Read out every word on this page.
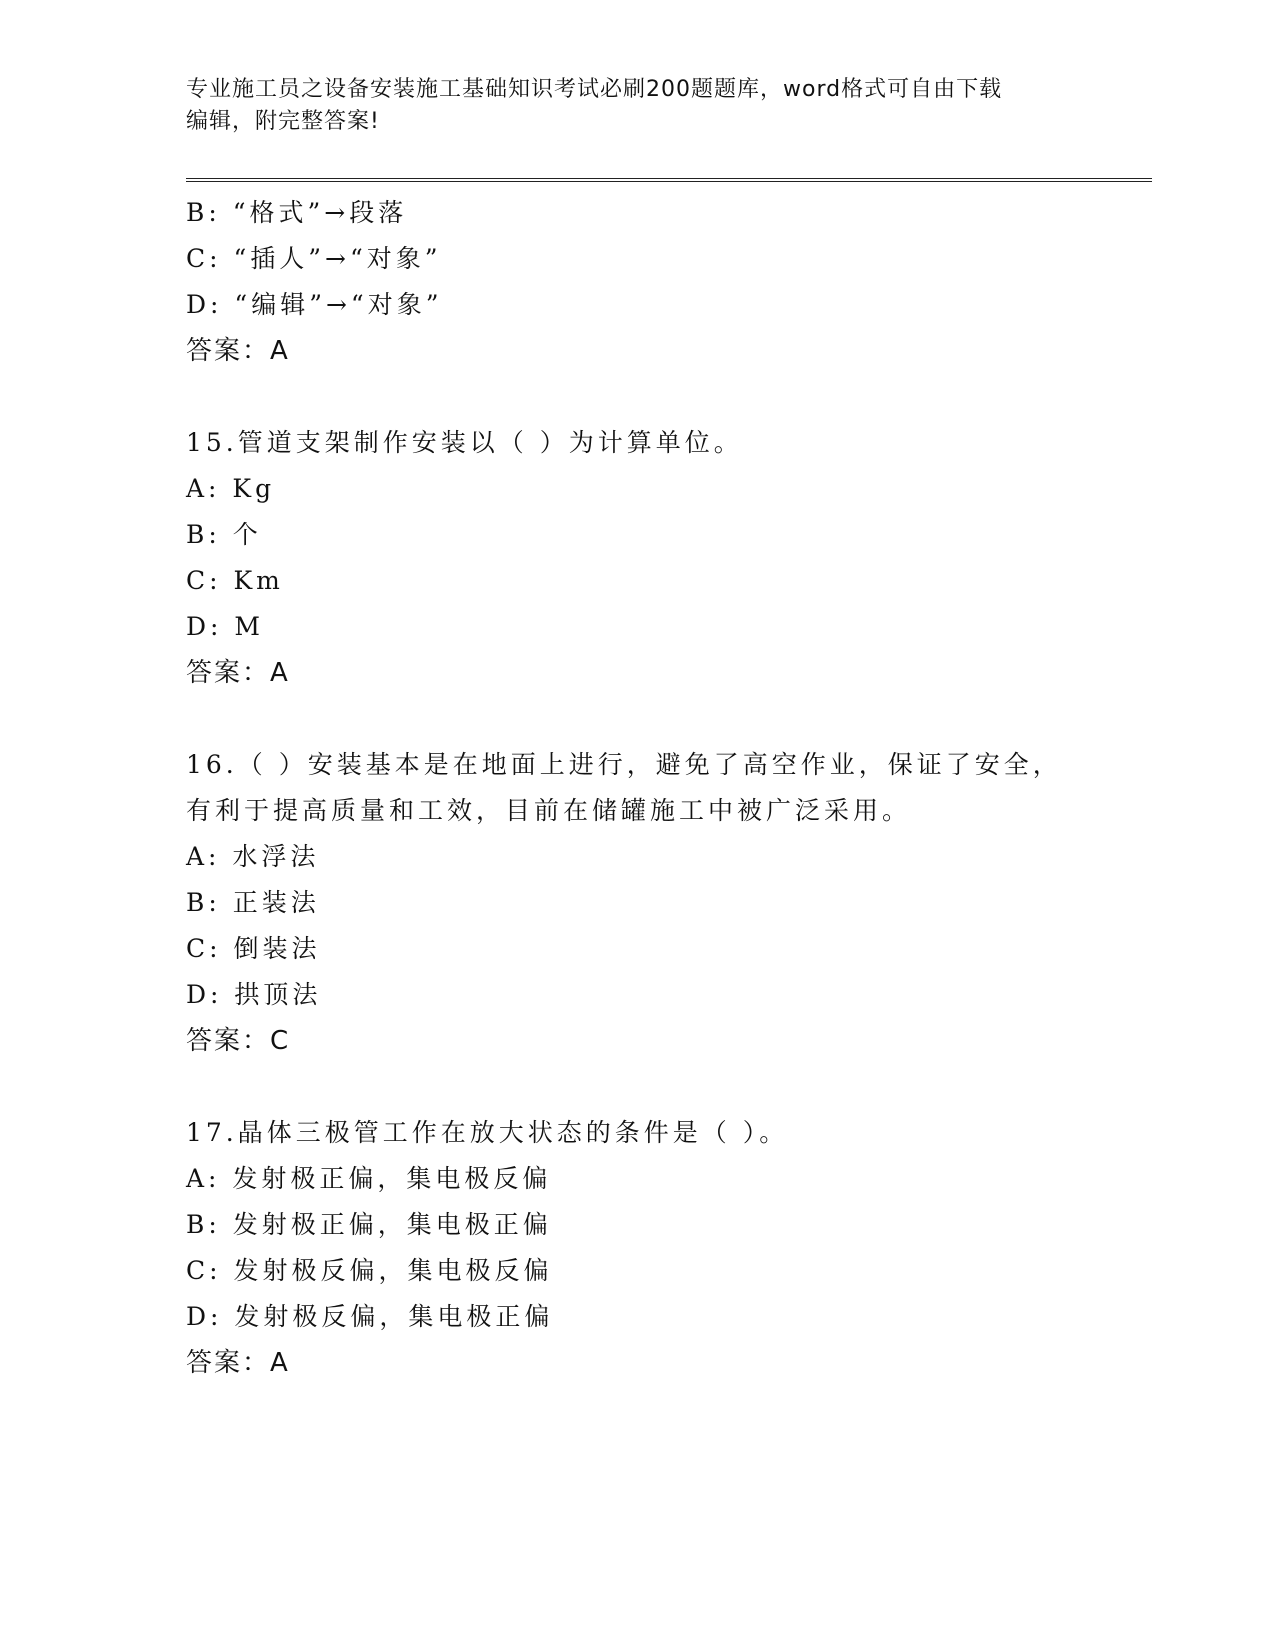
专业施工员之设备安装施工基础知识考试必刷200题题库，word格式可自由下载
编辑，附完整答案!
B: “格式”→段落
C: “插人”→“对象”
D: “编辑”→“对象”
答案：A
15.管道支架制作安装以（ ）为计算单位。
A: Kg
B: 个
C: Km
D: M
答案：A
16.（ ）安装基本是在地面上进行，避免了高空作业，保证了安全，
有利于提高质量和工效，目前在储罐施工中被广泛采用。
A: 水浮法
B: 正装法
C: 倒装法
D: 拱顶法
答案：C
17.晶体三极管工作在放大状态的条件是（ ）。
A: 发射极正偏，集电极反偏
B: 发射极正偏，集电极正偏
C: 发射极反偏，集电极反偏
D: 发射极反偏，集电极正偏
答案：A
